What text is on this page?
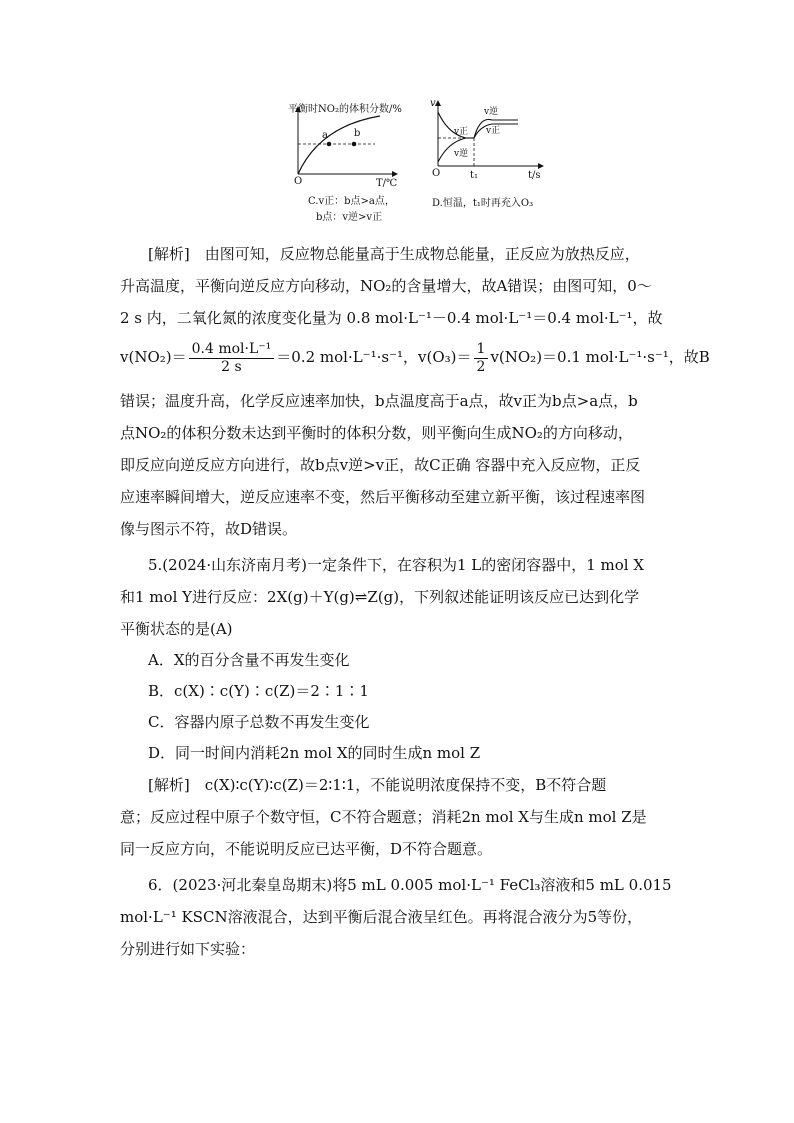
平衡时NO₂的体积分数/%
a	b
O	T/℃
C.v正：b点>a点，
b点：v逆>v正
v
v逆
v正
v正
v逆
O	t₁	t/s
D.恒温，t₁时再充入O₃
[解析]　由图可知，反应物总能量高于生成物总能量，正反应为放热反应，
升高温度，平衡向逆反应方向移动，NO₂的含量增大，故A错误；由图可知，0～
2 s 内，二氧化氮的浓度变化量为 0.8 mol·L⁻¹－0.4 mol·L⁻¹＝0.4 mol·L⁻¹，故
$v(NO_2)= \frac{\text{0.4 mol·L⁻¹}}{2 s} =0.2$ mol·L⁻¹·s⁻¹，$v(O_3)= \frac{1}{2} v(NO_2)=0.1$ mol·L⁻¹·s⁻¹，故B
错误；温度升高，化学反应速率加快，b点温度高于a点，故v正为b点>a点，b
点NO₂的体积分数未达到平衡时的体积分数，则平衡向生成NO₂的方向移动，
即反应向逆反应方向进行，故b点v逆>v正，故C正确 容器中充入反应物，正反
应速率瞬间增大，逆反应速率不变，然后平衡移动至建立新平衡，该过程速率图
像与图示不符，故D错误。
5.(2024·山东济南月考)一定条件下，在容积为1 L的密闭容器中，1 mol X
和1 mol Y进行反应：2X(g)＋Y(g)⇌Z(g)，下列叙述能证明该反应已达到化学
平衡状态的是(A)
A．X的百分含量不再发生变化
B．c(X)∶c(Y)∶c(Z)＝2∶1∶1
C．容器内原子总数不再发生变化
D．同一时间内消耗2n mol X的同时生成n mol Z
[解析]　c(X)∶c(Y)∶c(Z)＝2∶1∶1，不能说明浓度保持不变，B不符合题
意；反应过程中原子个数守恒，C不符合题意；消耗2n mol X与生成n mol Z是
同一反应方向，不能说明反应已达平衡，D不符合题意。
6．(2023·河北秦皇岛期末)将5 mL 0.005 mol·L⁻¹ FeCl₃溶液和5 mL 0.015
mol·L⁻¹ KSCN溶液混合，达到平衡后混合液呈红色。再将混合液分为5等份，
分别进行如下实验：
